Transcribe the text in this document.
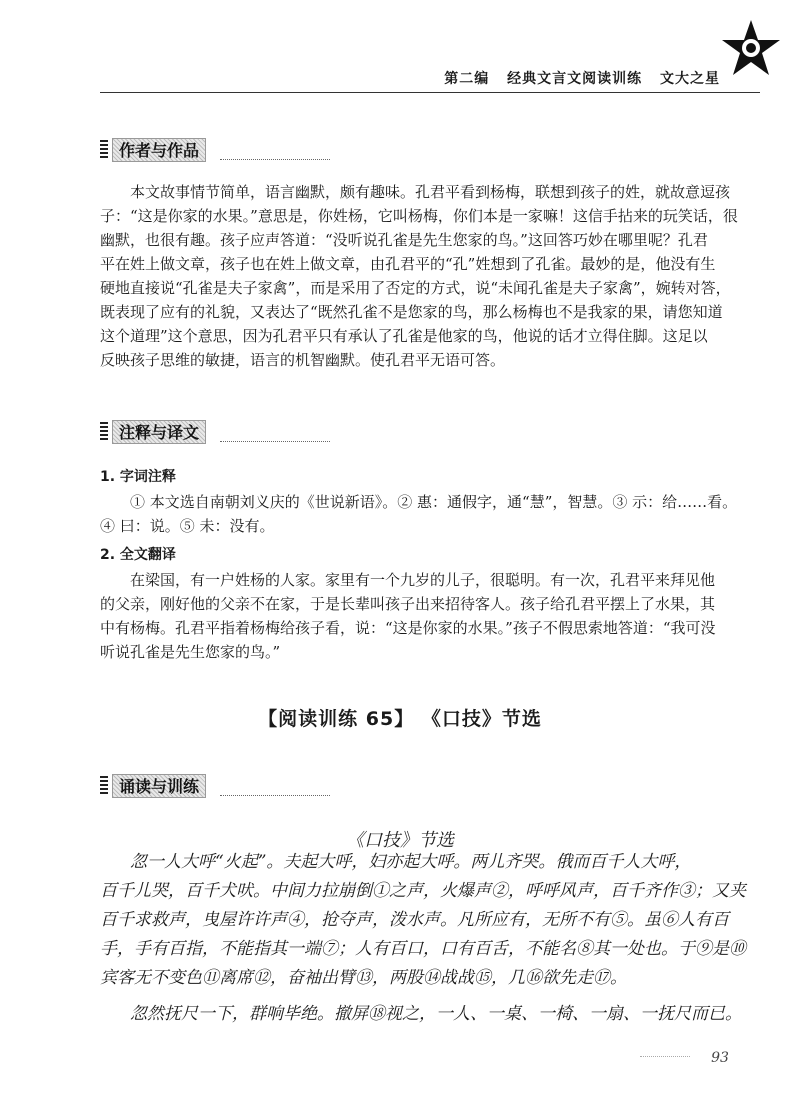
第二编 经典文言文阅读训练 文大之星
作者与作品
本文故事情节简单，语言幽默，颇有趣味。孔君平看到杨梅，联想到孩子的姓，就故意逗孩
子：“这是你家的水果。”意思是，你姓杨，它叫杨梅，你们本是一家嘛！这信手拈来的玩笑话，很
幽默，也很有趣。孩子应声答道：“没听说孔雀是先生您家的鸟。”这回答巧妙在哪里呢？孔君
平在姓上做文章，孩子也在姓上做文章，由孔君平的“孔”姓想到了孔雀。最妙的是，他没有生
硬地直接说“孔雀是夫子家禽”，而是采用了否定的方式，说“未闻孔雀是夫子家禽”，婉转对答，
既表现了应有的礼貌，又表达了“既然孔雀不是您家的鸟，那么杨梅也不是我家的果，请您知道
这个道理”这个意思，因为孔君平只有承认了孔雀是他家的鸟，他说的话才立得住脚。这足以
反映孩子思维的敏捷，语言的机智幽默。使孔君平无语可答。
注释与译文
1. 字词注释
① 本文选自南朝刘义庆的《世说新语》。② 惠：通假字，通“慧”，智慧。③ 示：给……看。
④ 曰：说。⑤ 未：没有。
2. 全文翻译
在梁国，有一户姓杨的人家。家里有一个九岁的儿子，很聪明。有一次，孔君平来拜见他
的父亲，刚好他的父亲不在家，于是长辈叫孩子出来招待客人。孩子给孔君平摆上了水果，其
中有杨梅。孔君平指着杨梅给孩子看，说：“这是你家的水果。”孩子不假思索地答道：“我可没
听说孔雀是先生您家的鸟。”
【阅读训练 65】 《口技》节选
诵读与训练
《口技》节选
忽一人大呼“火起”。夫起大呼，妇亦起大呼。两儿齐哭。俄而百千人大呼，
百千儿哭，百千犬吠。中间力拉崩倒①之声，火爆声②，呼呼风声，百千齐作③；又夹
百千求救声，曳屋许许声④，抢夺声，泼水声。凡所应有，无所不有⑤。虽⑥人有百
手，手有百指，不能指其一端⑦；人有百口，口有百舌，不能名⑧其一处也。于⑨是⑩
宾客无不变色⑪离席⑫，奋袖出臂⑬，两股⑭战战⑮，几⑯欲先走⑰。
忽然抚尺一下，群响毕绝。撤屏⑱视之，一人、一桌、一椅、一扇、一抚尺而已。
93
